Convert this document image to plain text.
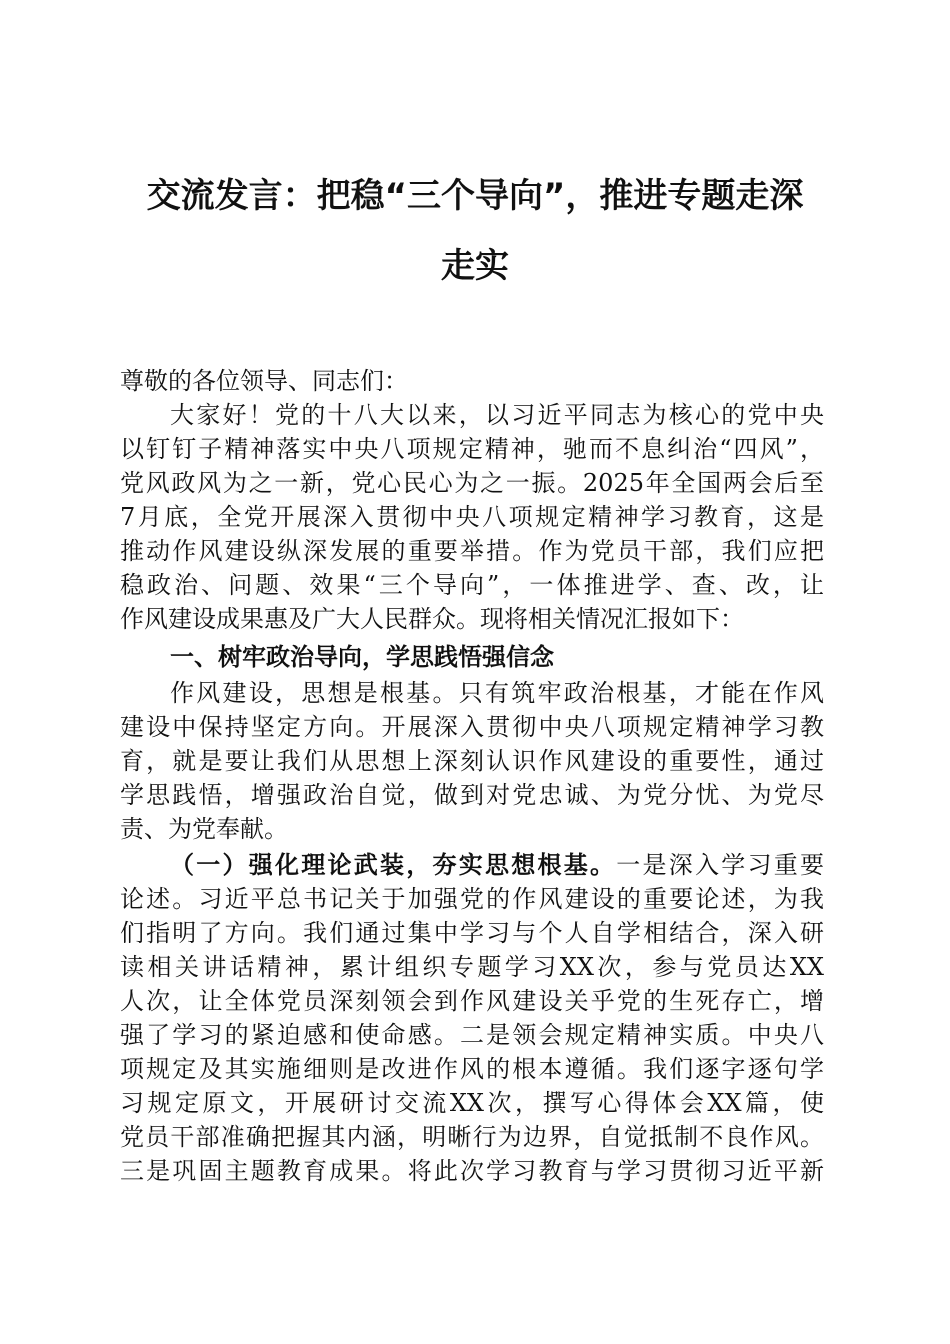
交流发言：把稳“三个导向”，推进专题走深
走实
尊敬的各位领导、同志们：
大家好！党的十八大以来，以习近平同志为核心的党中央
以钉钉子精神落实中央八项规定精神，驰而不息纠治“四风”，
党风政风为之一新，党心民心为之一振。2025年全国两会后至
7月底，全党开展深入贯彻中央八项规定精神学习教育，这是
推动作风建设纵深发展的重要举措。作为党员干部，我们应把
稳政治、问题、效果“三个导向”，一体推进学、查、改，让
作风建设成果惠及广大人民群众。现将相关情况汇报如下：
一、树牢政治导向，学思践悟强信念
作风建设，思想是根基。只有筑牢政治根基，才能在作风
建设中保持坚定方向。开展深入贯彻中央八项规定精神学习教
育，就是要让我们从思想上深刻认识作风建设的重要性，通过
学思践悟，增强政治自觉，做到对党忠诚、为党分忧、为党尽
责、为党奉献。
（一）强化理论武装，夯实思想根基。一是深入学习重要
论述。习近平总书记关于加强党的作风建设的重要论述，为我
们指明了方向。我们通过集中学习与个人自学相结合，深入研
读相关讲话精神，累计组织专题学习XX次，参与党员达XX
人次，让全体党员深刻领会到作风建设关乎党的生死存亡，增
强了学习的紧迫感和使命感。二是领会规定精神实质。中央八
项规定及其实施细则是改进作风的根本遵循。我们逐字逐句学
习规定原文，开展研讨交流XX次，撰写心得体会XX篇，使
党员干部准确把握其内涵，明晰行为边界，自觉抵制不良作风。
三是巩固主题教育成果。将此次学习教育与学习贯彻习近平新
